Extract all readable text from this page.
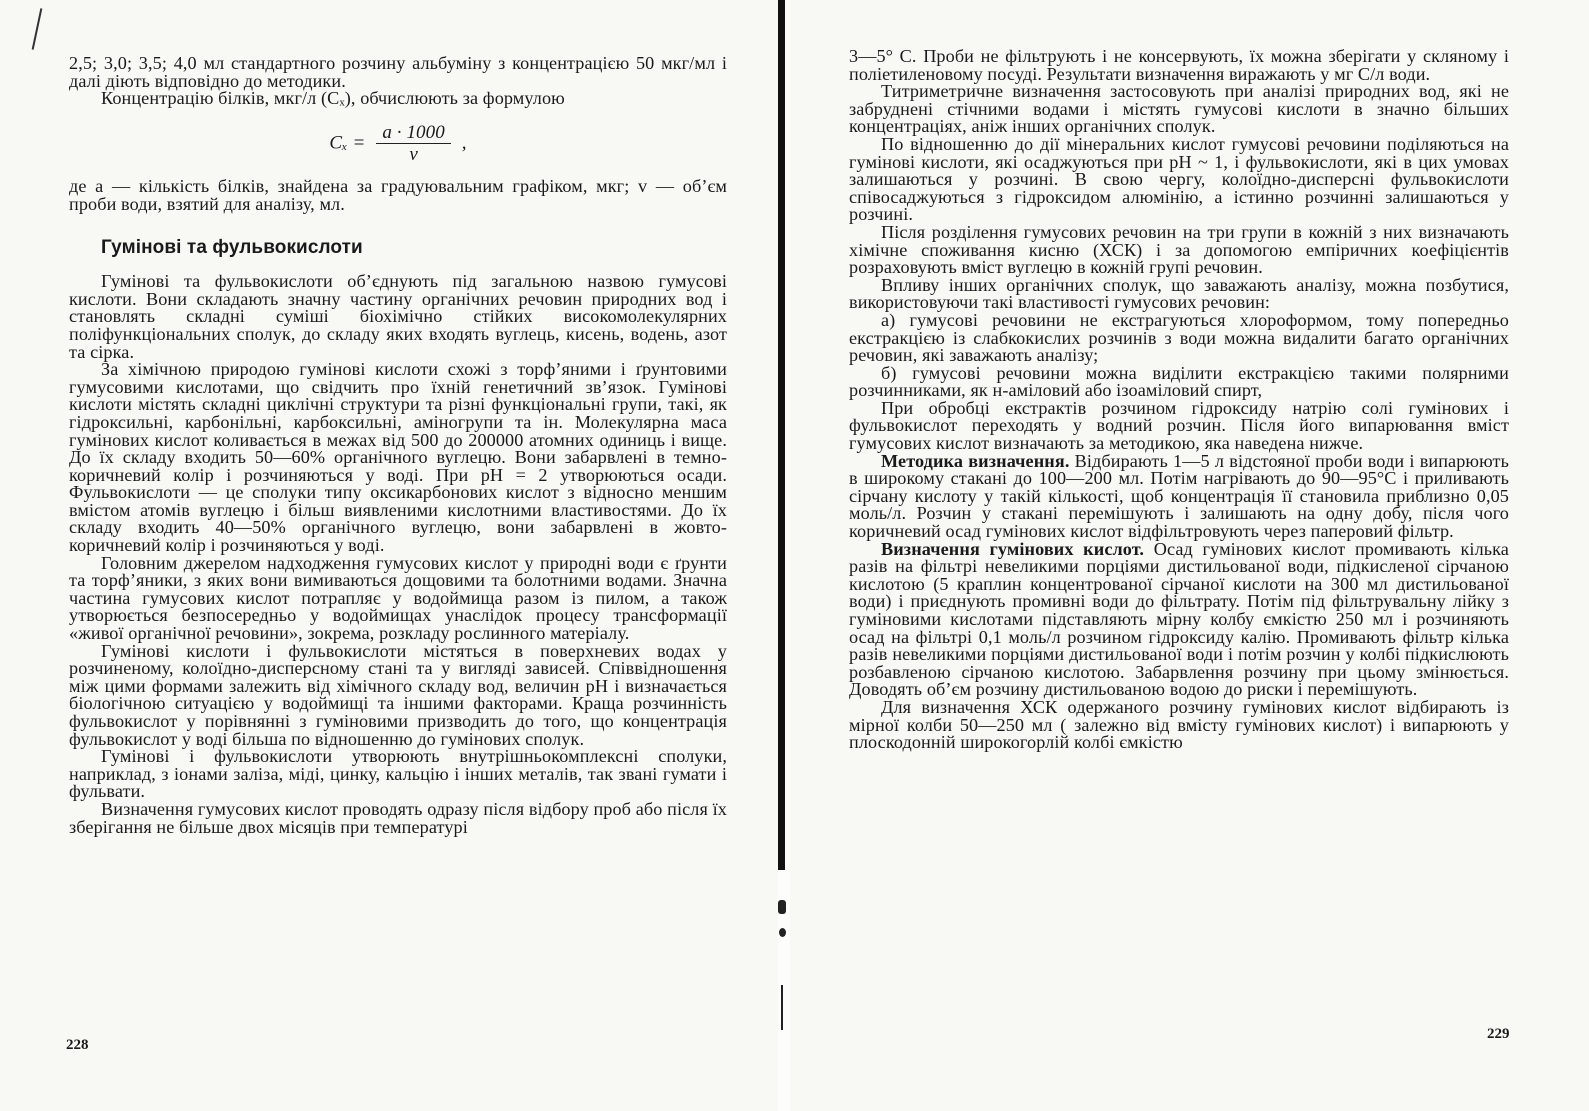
2,5; 3,0; 3,5; 4,0 мл стандартного розчину альбуміну з концентрацією 50 мкг/мл і далі діють відповідно до методики.

Концентрацію білків, мкг/л (Cₓ), обчислюють за формулою

$C_x = \frac{a \cdot 1000}{v}$ ,

де a — кількість білків, знайдена за градуювальним графіком, мкг; v — об’єм проби води, взятий для аналізу, мл.

Гумінові та фульвокислоти

Гумінові та фульвокислоти об’єднують під загальною назвою гумусові кислоти. Вони складають значну частину органічних речовин природних вод і становлять складні суміші біохімічно стійких високомолекулярних поліфункціональних сполук, до складу яких входять вуглець, кисень, водень, азот та сірка.

За хімічною природою гумінові кислоти схожі з торф’яними і ґрунтовими гумусовими кислотами, що свідчить про їхній генетичний зв’язок. Гумінові кислоти містять складні циклічні структури та різні функціональні групи, такі, як гідроксильні, карбонільні, карбоксильні, аміногрупи та ін. Молекулярна маса гумінових кислот коливається в межах від 500 до 200000 атомних одиниць і вище. До їх складу входить 50—60% органічного вуглецю. Вони забарвлені в темно-коричневий колір і розчиняються у воді. При pH = 2 утворюються осади. Фульвокислоти — це сполуки типу оксикарбонових кислот з відносно меншим вмістом атомів вуглецю і більш виявленими кислотними властивостями. До їх складу входить 40—50% органічного вуглецю, вони забарвлені в жовто-коричневий колір і розчиняються у воді.

Головним джерелом надходження гумусових кислот у природні води є ґрунти та торф’яники, з яких вони вимиваються дощовими та болотними водами. Значна частина гумусових кислот потрапляє у водоймища разом із пилом, а також утворюється безпосередньо у водоймищах унаслідок процесу трансформації «живої органічної речовини», зокрема, розкладу рослинного матеріалу.

Гумінові кислоти і фульвокислоти містяться в поверхневих водах у розчиненому, колоїдно-дисперсному стані та у вигляді зависей. Співвідношення між цими формами залежить від хімічного складу вод, величин pH і визначається біологічною ситуацією у водоймищі та іншими факторами. Краща розчинність фульвокислот у порівнянні з гуміновими призводить до того, що концентрація фульвокислот у воді більша по відношенню до гумінових сполук.

Гумінові і фульвокислоти утворюють внутрішньокомплексні сполуки, наприклад, з іонами заліза, міді, цинку, кальцію і інших металів, так звані гумати і фульвати.

Визначення гумусових кислот проводять одразу після відбору проб або після їх зберігання не більше двох місяців при температурі

228

3—5° C. Проби не фільтрують і не консервують, їх можна зберігати у скляному і поліетиленовому посуді. Результати визначення виражають у мг C/л води.

Титриметричне визначення застосовують при аналізі природних вод, які не забруднені стічними водами і містять гумусові кислоти в значно більших концентраціях, аніж інших органічних сполук.

По відношенню до дії мінеральних кислот гумусові речовини поділяються на гумінові кислоти, які осаджуються при pH ~ 1, і фульвокислоти, які в цих умовах залишаються у розчині. В свою чергу, колоїдно-дисперсні фульвокислоти співосаджуються з гідроксидом алюмінію, а істинно розчинні залишаються у розчині.

Після розділення гумусових речовин на три групи в кожній з них визначають хімічне споживання кисню (ХСК) і за допомогою емпіричних коефіцієнтів розраховують вміст вуглецю в кожній групі речовин.

Впливу інших органічних сполук, що заважають аналізу, можна позбутися, використовуючи такі властивості гумусових речовин:

а) гумусові речовини не екстрагуються хлороформом, тому попередньо екстракцією із слабкокислих розчинів з води можна видалити багато органічних речовин, які заважають аналізу;

б) гумусові речовини можна виділити екстракцією такими полярними розчинниками, як н-аміловий або ізоаміловий спирт,

При обробці екстрактів розчином гідроксиду натрію солі гумінових і фульвокислот переходять у водний розчин. Після його випарювання вміст гумусових кислот визначають за методикою, яка наведена нижче.

Методика визначення. Відбирають 1—5 л відстояної проби води і випарюють в широкому стакані до 100—200 мл. Потім нагрівають до 90—95°C і приливають сірчану кислоту у такій кількості, щоб концентрація її становила приблизно 0,05 моль/л. Розчин у стакані перемішують і залишають на одну добу, після чого коричневий осад гумінових кислот відфільтровують через паперовий фільтр.

Визначення гумінових кислот. Осад гумінових кислот промивають кілька разів на фільтрі невеликими порціями дистильованої води, підкисленої сірчаною кислотою (5 краплин концентрованої сірчаної кислоти на 300 мл дистильованої води) і приєднують промивні води до фільтрату. Потім під фільтрувальну лійку з гуміновими кислотами підставляють мірну колбу ємкістю 250 мл і розчиняють осад на фільтрі 0,1 моль/л розчином гідроксиду калію. Промивають фільтр кілька разів невеликими порціями дистильованої води і потім розчин у колбі підкислюють розбавленою сірчаною кислотою. Забарвлення розчину при цьому змінюється. Доводять об’єм розчину дистильованою водою до риски і перемішують.

Для визначення ХСК одержаного розчину гумінових кислот відбирають із мірної колби 50—250 мл ( залежно від вмісту гумінових кислот) і випарюють у плоскодонній широкогорлій колбі ємкістю

229
